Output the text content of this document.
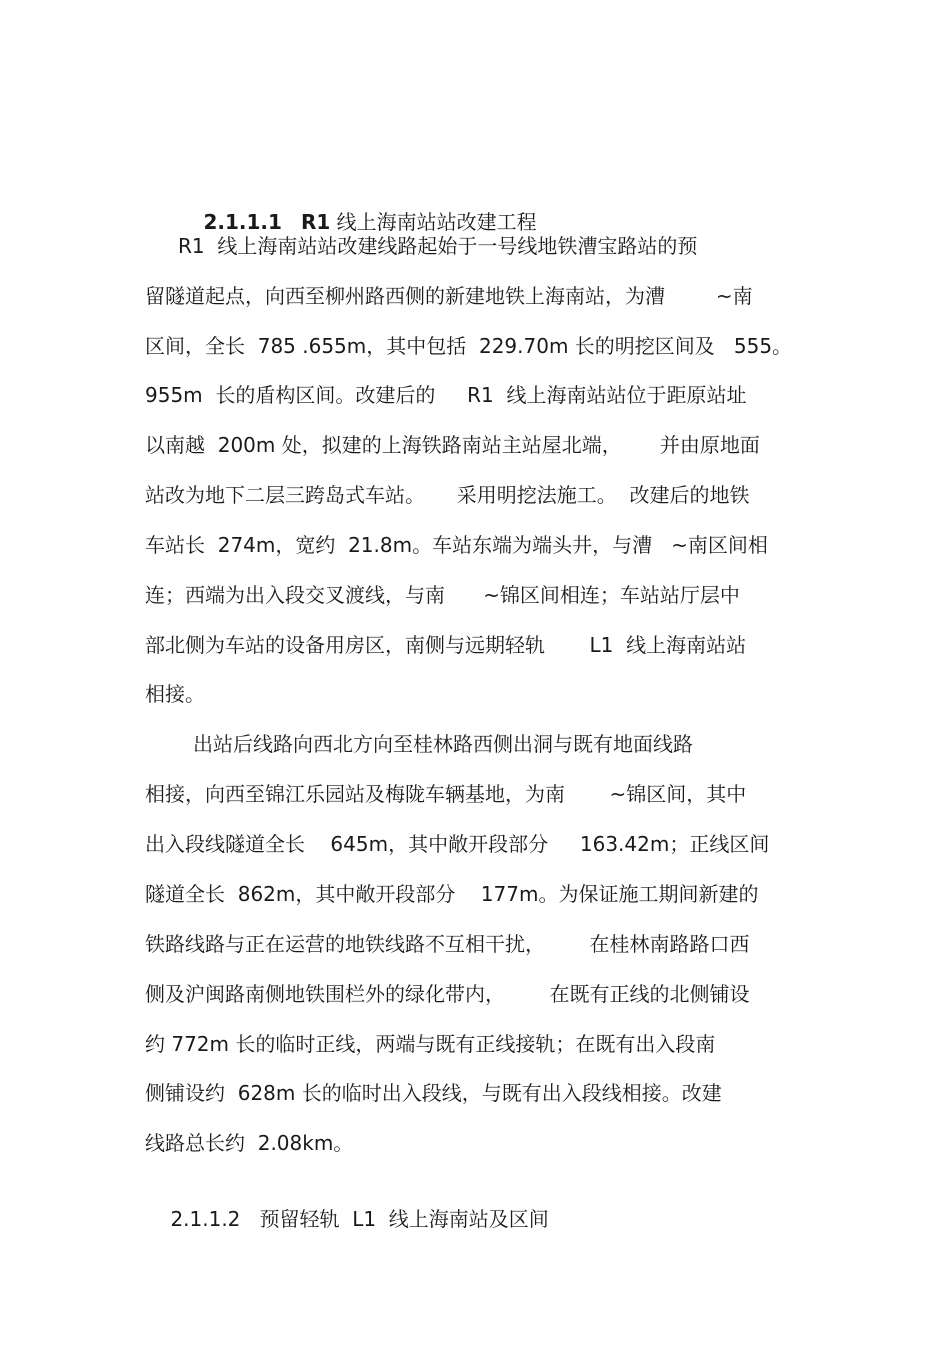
2.1.1.1 R1 线上海南站站改建工程

R1  线上海南站站改建线路起始于一号线地铁漕宝路站的预
留隧道起点，向西至柳州路西侧的新建地铁上海南站，为漕        ~南
区间，全长  785 .655m，其中包括  229.70m 长的明挖区间及   555。
955m  长的盾构区间。改建后的     R1  线上海南站站位于距原站址
以南越  200m 处，拟建的上海铁路南站主站屋北端，      并由原地面
站改为地下二层三跨岛式车站。     采用明挖法施工。  改建后的地铁
车站长  274m，宽约  21.8m。车站东端为端头井，与漕   ~南区间相
连；西端为出入段交叉渡线，与南      ~锦区间相连；车站站厅层中
部北侧为车站的设备用房区，南侧与远期轻轨       L1  线上海南站站
相接。
出站后线路向西北方向至桂林路西侧出洞与既有地面线路
相接，向西至锦江乐园站及梅陇车辆基地，为南       ~锦区间，其中
出入段线隧道全长    645m，其中敞开段部分     163.42m；正线区间
隧道全长  862m，其中敞开段部分    177m。为保证施工期间新建的
铁路线路与正在运营的地铁线路不互相干扰，       在桂林南路路口西
侧及沪闽路南侧地铁围栏外的绿化带内，       在既有正线的北侧铺设
约 772m 长的临时正线，两端与既有正线接轨；在既有出入段南
侧铺设约  628m 长的临时出入段线，与既有出入段线相接。改建
线路总长约  2.08km。

2.1.1.2   预留轻轨  L1  线上海南站及区间
